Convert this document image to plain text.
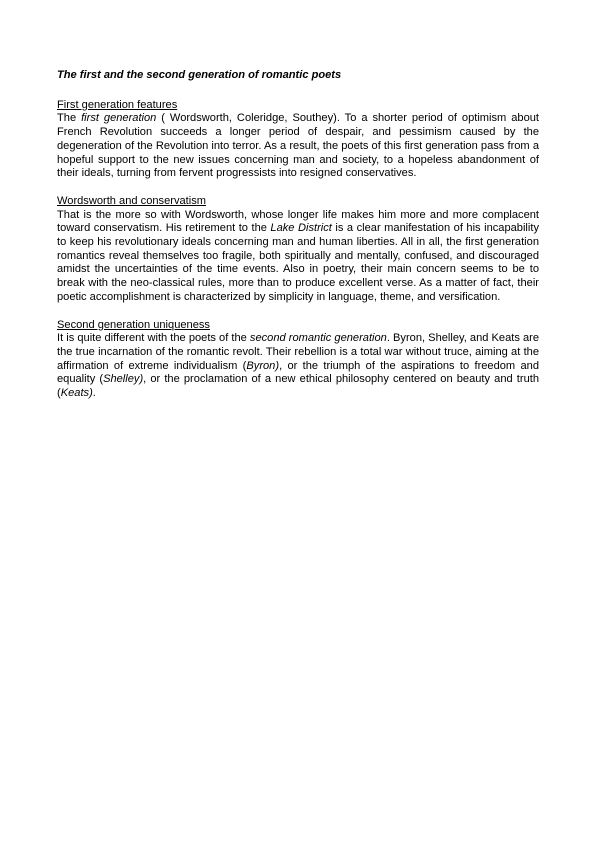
The first and the second generation of romantic poets

First generation features

The first generation ( Wordsworth, Coleridge, Southey). To a shorter period of optimism about French Revolution succeeds a longer period of despair, and pessimism caused by the degeneration of the Revolution into terror. As a result, the poets of this first generation pass from a hopeful support to the new issues concerning man and society, to a hopeless abandonment of their ideals, turning from fervent progressists into resigned conservatives.

Wordsworth and conservatism

That is the more so with Wordsworth, whose longer life makes him more and more complacent toward conservatism. His retirement to the Lake District is a clear manifestation of his incapability to keep his revolutionary ideals concerning man and human liberties. All in all, the first generation romantics reveal themselves too fragile, both spiritually and mentally, confused, and discouraged amidst the uncertainties of the time events. Also in poetry, their main concern seems to be to break with the neo-classical rules, more than to produce excellent verse. As a matter of fact, their poetic accomplishment is characterized by simplicity in language, theme, and versification.

Second generation uniqueness

It is quite different with the poets of the second romantic generation. Byron, Shelley, and Keats are the true incarnation of the romantic revolt. Their rebellion is a total war without truce, aiming at the affirmation of extreme individualism (Byron), or the triumph of the aspirations to freedom and equality (Shelley), or the proclamation of a new ethical philosophy centered on beauty and truth (Keats).
